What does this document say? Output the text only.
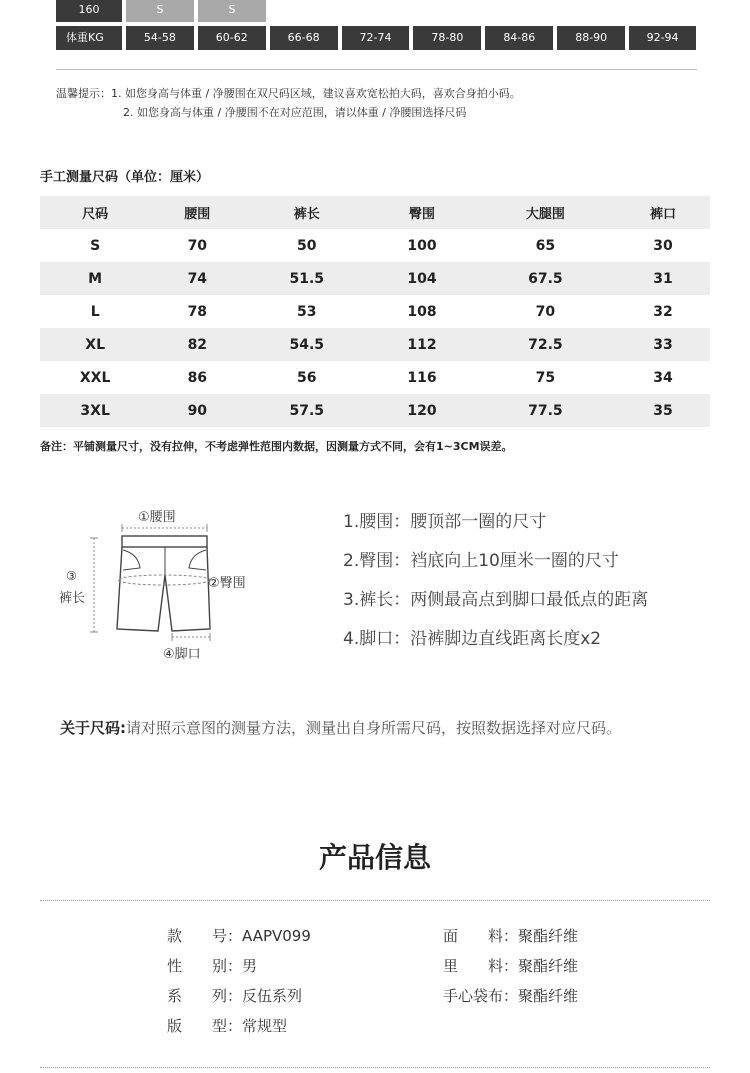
160	S	S
体重KG	54-58	60-62	66-68	72-74	78-80	84-86	88-90	92-94
温馨提示：1. 如您身高与体重 / 净腰围在双尺码区域，建议喜欢宽松拍大码，喜欢合身拍小码。
2. 如您身高与体重 / 净腰围不在对应范围，请以体重 / 净腰围选择尺码
手工测量尺码（单位：厘米）
尺码	腰围	裤长	臀围	大腿围	裤口
S	70	50	100	65	30
M	74	51.5	104	67.5	31
L	78	53	108	70	32
XL	82	54.5	112	72.5	33
XXL	86	56	116	75	34
3XL	90	57.5	120	77.5	35
备注：平铺测量尺寸，没有拉伸，不考虑弹性范围内数据，因测量方式不同，会有1~3CM误差。
①腰围
②臀围
③
裤长
④脚口
1.腰围：腰顶部一圈的尺寸
2.臀围：裆底向上10厘米一圈的尺寸
3.裤长：两侧最高点到脚口最低点的距离
4.脚口：沿裤脚边直线距离长度x2
关于尺码:请对照示意图的测量方法，测量出自身所需尺码，按照数据选择对应尺码。
产品信息
款　　号：AAPV099
性　　别：男
系　　列：反伍系列
版　　型：常规型
面　　料：聚酯纤维
里　　料：聚酯纤维
手心袋布：聚酯纤维
